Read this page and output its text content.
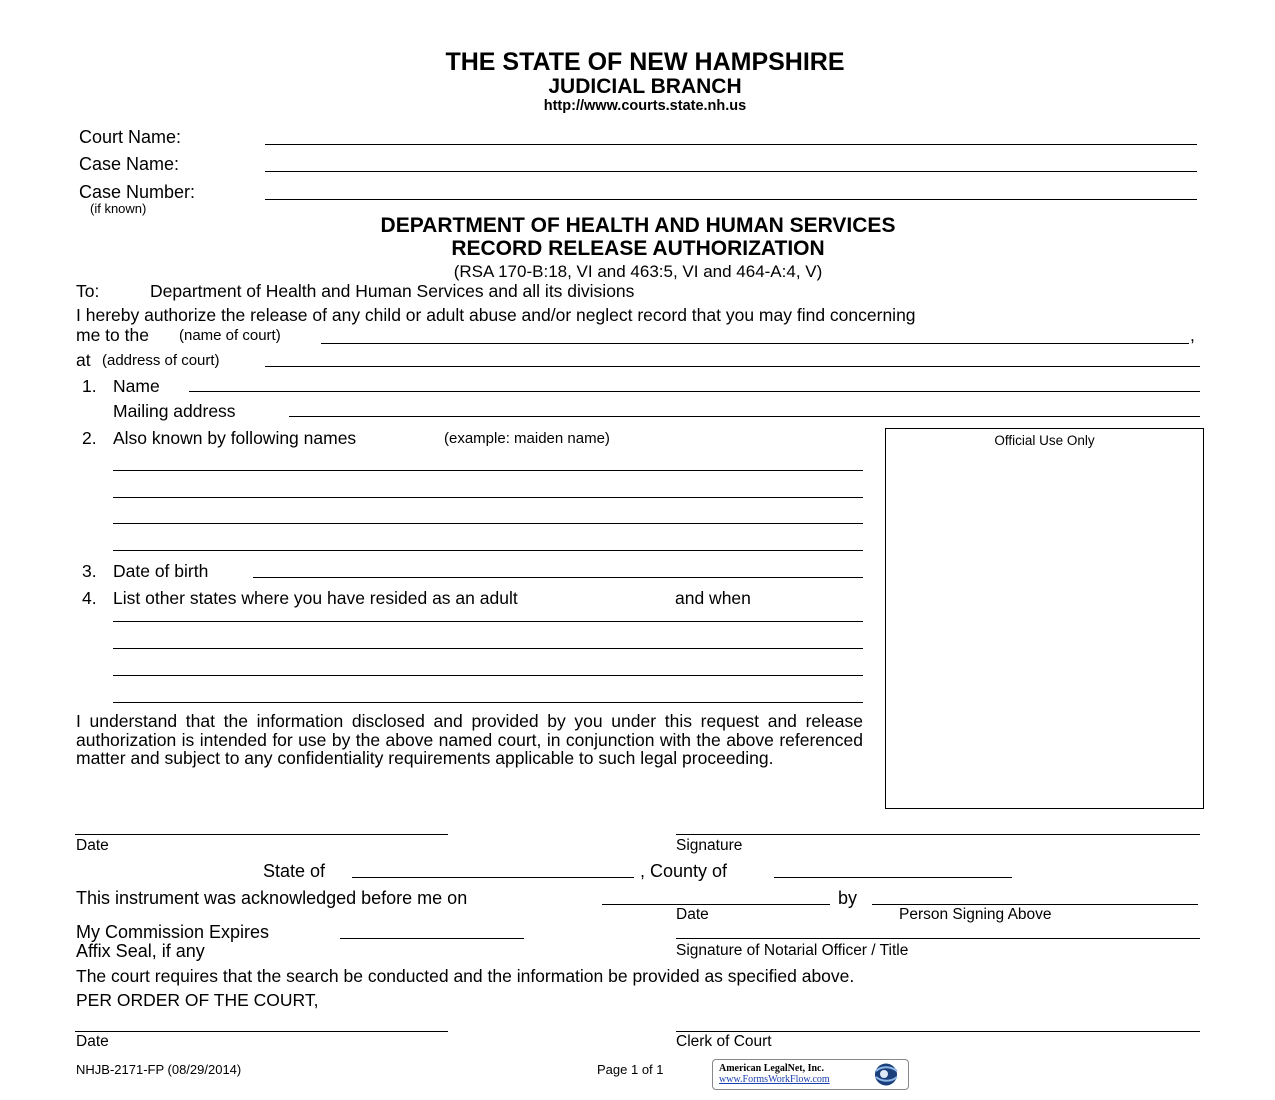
THE STATE OF NEW HAMPSHIRE
JUDICIAL BRANCH
http://www.courts.state.nh.us
Court Name:
Case Name:
Case Number:
(if known)
DEPARTMENT OF HEALTH AND HUMAN SERVICES
RECORD RELEASE AUTHORIZATION
(RSA 170-B:18, VI and 463:5, VI and 464-A:4, V)
To:	Department of Health and Human Services and all its divisions
I hereby authorize the release of any child or adult abuse and/or neglect record that you may find concerning
me to the (name of court)	,
at (address of court)
1. Name
Mailing address
2. Also known by following names	(example: maiden name)
3. Date of birth
4. List other states where you have resided as an adult	and when
Official Use Only
I understand that the information disclosed and provided by you under this request and release authorization is intended for use by the above named court, in conjunction with the above referenced matter and subject to any confidentiality requirements applicable to such legal proceeding.
Date	Signature
State of	, County of
This instrument was acknowledged before me on	by
Date	Person Signing Above
My Commission Expires
Affix Seal, if any	Signature of Notarial Officer / Title
The court requires that the search be conducted and the information be provided as specified above.
PER ORDER OF THE COURT,
Date	Clerk of Court
NHJB-2171-FP (08/29/2014)	Page 1 of 1	American LegalNet, Inc.
www.FormsWorkFlow.com
